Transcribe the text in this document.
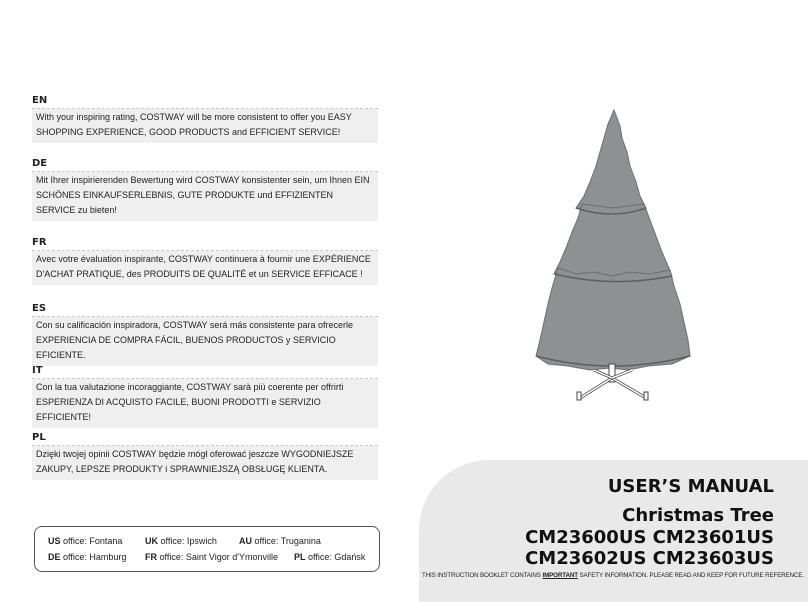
EN
With your inspiring rating, COSTWAY will be more consistent to offer you EASY SHOPPING EXPERIENCE, GOOD PRODUCTS and EFFICIENT SERVICE!
DE
Mit Ihrer inspirierenden Bewertung wird COSTWAY konsistenter sein, um Ihnen EIN SCHÖNES EINKAUFSERLEBNIS, GUTE PRODUKTE und EFFIZIENTEN SERVICE zu bieten!
FR
Avec votre évaluation inspirante, COSTWAY continuera à fournir une EXPÉRIENCE D'ACHAT PRATIQUE, des PRODUITS DE QUALITÉ et un SERVICE EFFICACE !
ES
Con su calificación inspiradora, COSTWAY será más consistente para ofrecerle EXPERIENCIA DE COMPRA FÁCIL, BUENOS PRODUCTOS y SERVICIO EFICIENTE.
IT
Con la tua valutazione incoraggiante, COSTWAY sarà più coerente per offrirti ESPERIENZA DI ACQUISTO FACILE, BUONI PRODOTTI e SERVIZIO EFFICIENTE!
PL
Dzięki twojej opinii COSTWAY będzie mógł oferować jeszcze WYGODNIEJSZE ZAKUPY, LEPSZE PRODUKTY i SPRAWNIEJSZĄ OBSŁUGĘ KLIENTA.
US office: Fontana	UK office: Ipswich AU office: Truganina
DE office: Hamburg FR office: Saint Vigor d'Ymonville PL office: Gdańsk
USER’S MANUAL
Christmas Tree
CM23600US CM23601US
CM23602US CM23603US
THIS INSTRUCTION BOOKLET CONTAINS IMPORTANT SAFETY INFORMATION. PLEASE READ AND KEEP FOR FUTURE REFERENCE.
